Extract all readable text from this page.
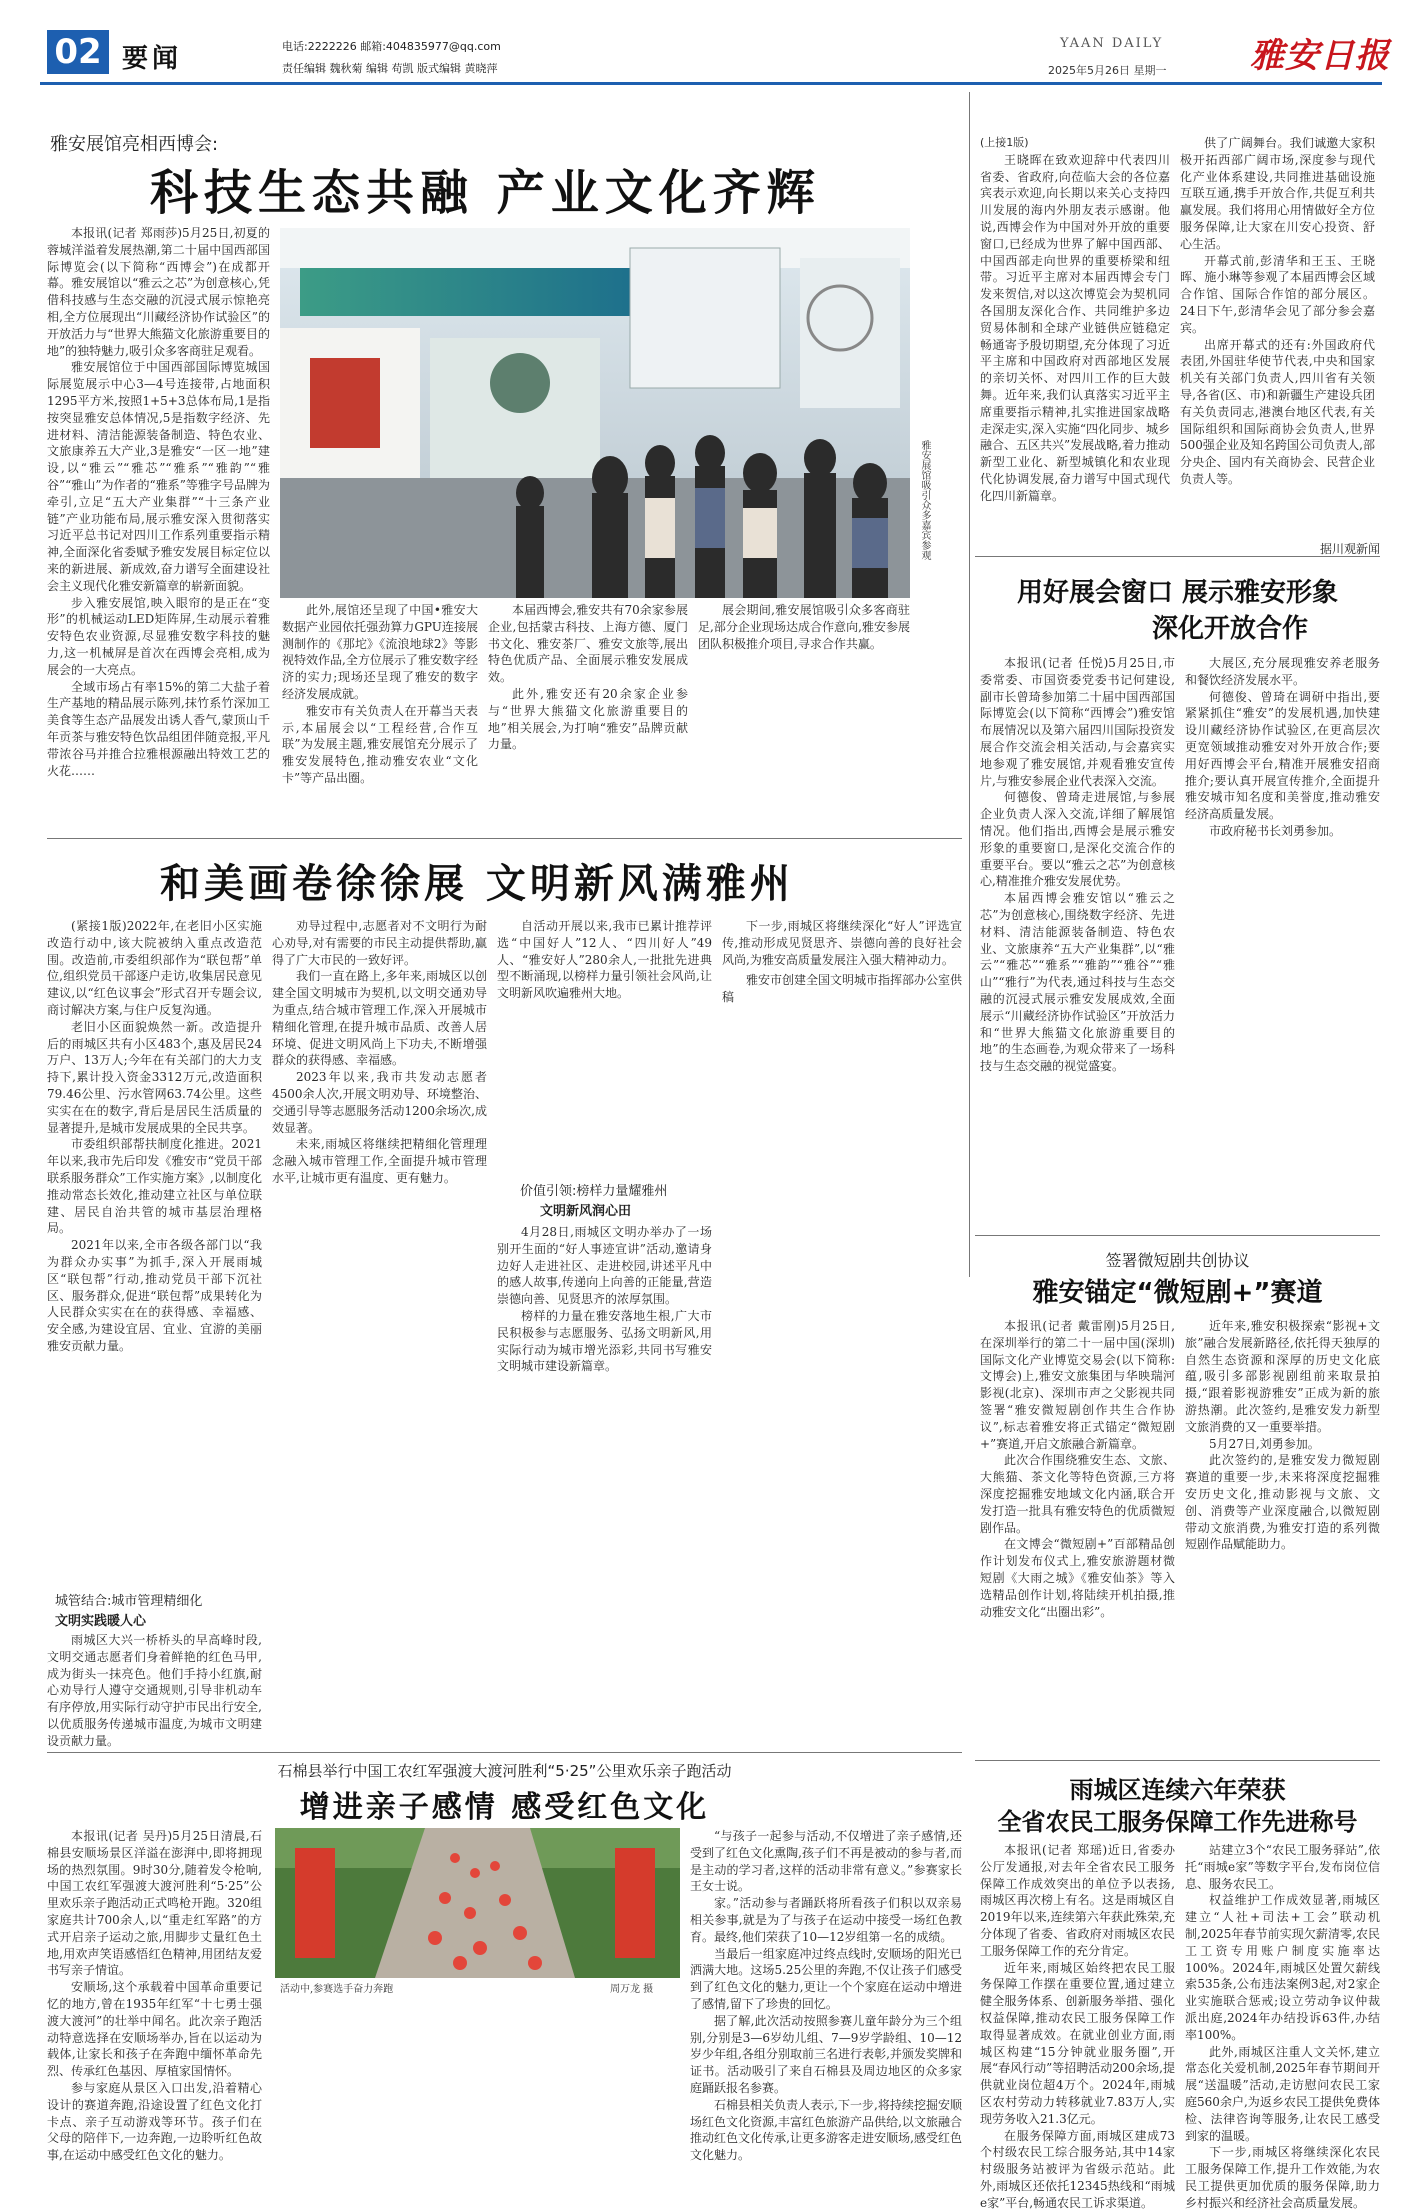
02 要闻	电话:2222226 邮箱:404835977@qq.com
责任编辑 魏秋菊 编辑 苟凯 版式编辑 黄晓萍
YAAN DAILY
2025年5月26日 星期一 雅安日报
雅安展馆亮相西博会:
科技生态共融 产业文化齐辉

本报讯(记者 郑雨莎)5月25日,初夏的蓉城洋溢着发展热潮,第二十届中国西部国际博览会(以下简称“西博会”)在成都开幕。雅安展馆以“雅云之芯”为创意核心,凭借科技感与生态交融的沉浸式展示惊艳亮相,全方位展现出“川藏经济协作试验区”的开放活力与“世界大熊猫文化旅游重要目的地”的独特魅力,吸引众多客商驻足观看。

雅安展馆位于中国西部国际博览城国际展览展示中心3—4号连接带,占地面积1295平方米,按照1+5+3总体布局,1是指按突显雅安总体情况,5是指数字经济、先进材料、清洁能源装备制造、特色农业、文旅康养五大产业,3是雅安“一区一地”建设,以“雅云”“雅芯”“雅系”“雅韵”“雅谷”“雅山”为作者的“雅系”等雅字号品牌为牵引,立足“五大产业集群”“十三条产业链”产业功能布局,展示雅安深入贯彻落实习近平总书记对四川工作系列重要指示精神,全面深化省委赋予雅安发展目标定位以来的新进展、新成效,奋力谱写全面建设社会主义现代化雅安新篇章的崭新面貌。

步入雅安展馆,映入眼帘的是正在“变形”的机械运动LED矩阵屏,生动展示着雅安特色农业资源,尽显雅安数字科技的魅力,这一机械屏是首次在西博会亮相,成为展会的一大亮点。

全域市场占有率15%的第二大盐子着生产基地的精品展示陈列,抹竹系竹深加工美食等生态产品展发出诱人香气,蒙顶山千年贡茶与雅安特色饮品组团伴随竞报,平凡带浓谷马并推合拉雅根源融出特效工艺的火花……

雅安展馆吸引众多嘉宾参观

此外,展馆还呈现了中国•雅安大数据产业园依托强劲算力GPU连接展测制作的《那坨》《流浪地球2》等影视特效作品,全方位展示了雅安数字经济的实力;现场还呈现了雅安的数字经济发展成就。

雅安市有关负责人在开幕当天表示,本届展会以“工程经营,合作互联”为发展主题,雅安展馆充分展示了雅安发展特色,推动雅安农业“文化卡”等产品出圈。

本届西博会,雅安共有70余家参展企业,包括蒙古科技、上海方德、厦门书文化、雅安茶厂、雅安文旅等,展出特色优质产品、全面展示雅安发展成效。

此外,雅安还有20余家企业参与“世界大熊猫文化旅游重要目的地”相关展会,为打响“雅安”品牌贡献力量。

展会期间,雅安展馆吸引众多客商驻足,部分企业现场达成合作意向,雅安参展团队积极推介项目,寻求合作共赢。

(上接1版)

王晓晖在致欢迎辞中代表四川省委、省政府,向莅临大会的各位嘉宾表示欢迎,向长期以来关心支持四川发展的海内外朋友表示感谢。他说,西博会作为中国对外开放的重要窗口,已经成为世界了解中国西部、中国西部走向世界的重要桥梁和纽带。习近平主席对本届西博会专门发来贺信,对以这次博览会为契机同各国朋友深化合作、共同维护多边贸易体制和全球产业链供应链稳定畅通寄予殷切期望,充分体现了习近平主席和中国政府对西部地区发展的亲切关怀、对四川工作的巨大鼓舞。近年来,我们认真落实习近平主席重要指示精神,扎实推进国家战略走深走实,深入实施“四化同步、城乡融合、五区共兴”发展战略,着力推动新型工业化、新型城镇化和农业现代化协调发展,奋力谱写中国式现代化四川新篇章。

供了广阔舞台。我们诚邀大家积极开拓西部广阔市场,深度参与现代化产业体系建设,共同推进基础设施互联互通,携手开放合作,共促互利共赢发展。我们将用心用情做好全方位服务保障,让大家在川安心投资、舒心生活。

开幕式前,彭清华和王玉、王晓晖、施小琳等参观了本届西博会区域合作馆、国际合作馆的部分展区。24日下午,彭清华会见了部分参会嘉宾。

出席开幕式的还有:外国政府代表团,外国驻华使节代表,中央和国家机关有关部门负责人,四川省有关领导,各省(区、市)和新疆生产建设兵团有关负责同志,港澳台地区代表,有关国际组织和国际商协会负责人,世界500强企业及知名跨国公司负责人,部分央企、国内有关商协会、民营企业负责人等。

据川观新闻
用好展会窗口 展示雅安形象
深化开放合作

本报讯(记者 任悦)5月25日,市委常委、市国资委党委书记何建设,副市长曾琦参加第二十届中国西部国际博览会(以下简称“西博会”)雅安馆布展情况以及第六届四川国际投资发展合作交流会相关活动,与会嘉宾实地参观了雅安展馆,并观看雅安宣传片,与雅安参展企业代表深入交流。

何德俊、曾琦走进展馆,与参展企业负责人深入交流,详细了解展馆情况。他们指出,西博会是展示雅安形象的重要窗口,是深化交流合作的重要平台。要以“雅云之芯”为创意核心,精准推介雅安发展优势。

本届西博会雅安馆以“雅云之芯”为创意核心,围绕数字经济、先进材料、清洁能源装备制造、特色农业、文旅康养“五大产业集群”,以“雅云”“雅芯”“雅系”“雅韵”“雅谷”“雅山”“雅行”为代表,通过科技与生态交融的沉浸式展示雅安发展成效,全面展示“川藏经济协作试验区”开放活力和“世界大熊猫文化旅游重要目的地”的生态画卷,为观众带来了一场科技与生态交融的视觉盛宴。

大展区,充分展现雅安养老服务和餐饮经济发展水平。

何德俊、曾琦在调研中指出,要紧紧抓住“雅安”的发展机遇,加快建设川藏经济协作试验区,在更高层次更宽领域推动雅安对外开放合作;要用好西博会平台,精准开展雅安招商推介;要认真开展宣传推介,全面提升雅安城市知名度和美誉度,推动雅安经济高质量发展。

市政府秘书长刘勇参加。

和美画卷徐徐展 文明新风满雅州

(紧接1版)2022年,在老旧小区实施改造行动中,该大院被纳入重点改造范围。改造前,市委组织部作为“联包帮”单位,组织党员干部逐户走访,收集居民意见建议,以“红色议事会”形式召开专题会议,商讨解决方案,与住户反复沟通。

老旧小区面貌焕然一新。改造提升后的雨城区共有小区483个,惠及居民24万户、13万人;今年在有关部门的大力支持下,累计投入资金3312万元,改造面积79.46公里、污水管网63.74公里。这些实实在在的数字,背后是居民生活质量的显著提升,是城市发展成果的全民共享。

市委组织部帮扶制度化推进。2021年以来,我市先后印发《雅安市“党员干部联系服务群众”工作实施方案》,以制度化推动常态长效化,推动建立社区与单位联建、居民自治共管的城市基层治理格局。

2021年以来,全市各级各部门以“我为群众办实事”为抓手,深入开展雨城区“联包帮”行动,推动党员干部下沉社区、服务群众,促进“联包帮”成果转化为人民群众实实在在的获得感、幸福感、安全感,为建设宜居、宜业、宜游的美丽雅安贡献力量。

城管结合:城市管理精细化
文明实践暖人心

雨城区大兴一桥桥头的早高峰时段,文明交通志愿者们身着鲜艳的红色马甲,成为街头一抹亮色。他们手持小红旗,耐心劝导行人遵守交通规则,引导非机动车有序停放,用实际行动守护市民出行安全,以优质服务传递城市温度,为城市文明建设贡献力量。

劝导过程中,志愿者对不文明行为耐心劝导,对有需要的市民主动提供帮助,赢得了广大市民的一致好评。

我们一直在路上,多年来,雨城区以创建全国文明城市为契机,以文明交通劝导为重点,结合城市管理工作,深入开展城市精细化管理,在提升城市品质、改善人居环境、促进文明风尚上下功夫,不断增强群众的获得感、幸福感。

2023年以来,我市共发动志愿者4500余人次,开展文明劝导、环境整治、交通引导等志愿服务活动1200余场次,成效显著。

未来,雨城区将继续把精细化管理理念融入城市管理工作,全面提升城市管理水平,让城市更有温度、更有魅力。

自活动开展以来,我市已累计推荐评选“中国好人”12人、“四川好人”49人、“雅安好人”280余人,一批批先进典型不断涌现,以榜样力量引领社会风尚,让文明新风吹遍雅州大地。

价值引领:榜样力量耀雅州
文明新风润心田

4月28日,雨城区文明办举办了一场别开生面的“好人事迹宣讲”活动,邀请身边好人走进社区、走进校园,讲述平凡中的感人故事,传递向上向善的正能量,营造崇德向善、见贤思齐的浓厚氛围。

榜样的力量在雅安落地生根,广大市民积极参与志愿服务、弘扬文明新风,用实际行动为城市增光添彩,共同书写雅安文明城市建设新篇章。

下一步,雨城区将继续深化“好人”评选宣传,推动形成见贤思齐、崇德向善的良好社会风尚,为雅安高质量发展注入强大精神动力。

雅安市创建全国文明城市指挥部办公室供稿

签署微短剧共创协议
雅安锚定“微短剧+”赛道

本报讯(记者 戴雷刚)5月25日,在深圳举行的第二十一届中国(深圳)国际文化产业博览交易会(以下简称:文博会)上,雅安文旅集团与华映瑞河影视(北京)、深圳市声之父影视共同签署“雅安微短剧创作共生合作协议”,标志着雅安将正式锚定“微短剧+”赛道,开启文旅融合新篇章。

此次合作围绕雅安生态、文旅、大熊猫、茶文化等特色资源,三方将深度挖掘雅安地域文化内涵,联合开发打造一批具有雅安特色的优质微短剧作品。

在文博会“微短剧+”百部精品创作计划发布仪式上,雅安旅游题材微短剧《大雨之城》《雅安仙茶》等入选精品创作计划,将陆续开机拍摄,推动雅安文化“出圈出彩”。

近年来,雅安积极探索“影视+文旅”融合发展新路径,依托得天独厚的自然生态资源和深厚的历史文化底蕴,吸引多部影视剧组前来取景拍摄,“跟着影视游雅安”正成为新的旅游热潮。此次签约,是雅安发力新型文旅消费的又一重要举措。

5月27日,刘勇参加。

此次签约的,是雅安发力微短剧赛道的重要一步,未来将深度挖掘雅安历史文化,推动影视与文旅、文创、消费等产业深度融合,以微短剧带动文旅消费,为雅安打造的系列微短剧作品赋能助力。

雨城区连续六年荣获
全省农民工服务保障工作先进称号

本报讯(记者 郑瑶)近日,省委办公厅发通报,对去年全省农民工服务保障工作成效突出的单位予以表扬,雨城区再次榜上有名。这是雨城区自2019年以来,连续第六年获此殊荣,充分体现了省委、省政府对雨城区农民工服务保障工作的充分肯定。

近年来,雨城区始终把农民工服务保障工作摆在重要位置,通过建立健全服务体系、创新服务举措、强化权益保障,推动农民工服务保障工作取得显著成效。在就业创业方面,雨城区构建“15分钟就业服务圈”,开展“春风行动”等招聘活动200余场,提供就业岗位超4万个。2024年,雨城区农村劳动力转移就业7.83万人,实现劳务收入21.3亿元。

在服务保障方面,雨城区建成73个村级农民工综合服务站,其中14家村级服务站被评为省级示范站。此外,雨城区还依托12345热线和“雨城e家”平台,畅通农民工诉求渠道。

站建立3个“农民工服务驿站”,依托“雨城e家”等数字平台,发布岗位信息、服务农民工。

权益维护工作成效显著,雨城区建立“人社+司法+工会”联动机制,2025年春节前实现欠薪清零,农民工工资专用账户制度实施率达100%。2024年,雨城区处置欠薪线索535条,公布违法案例3起,对2家企业实施联合惩戒;设立劳动争议仲裁派出庭,2024年办结投诉63件,办结率100%。

此外,雨城区注重人文关怀,建立常态化关爱机制,2025年春节期间开展“送温暖”活动,走访慰问农民工家庭560余户,为返乡农民工提供免费体检、法律咨询等服务,让农民工感受到家的温暖。

下一步,雨城区将继续深化农民工服务保障工作,提升工作效能,为农民工提供更加优质的服务保障,助力乡村振兴和经济社会高质量发展。

石棉县举行中国工农红军强渡大渡河胜利“5·25”公里欢乐亲子跑活动
增进亲子感情 感受红色文化

本报讯(记者 吴丹)5月25日清晨,石棉县安顺场景区洋溢在澎湃中,即将拥现场的热烈氛围。9时30分,随着发令枪响,中国工农红军强渡大渡河胜利“5·25”公里欢乐亲子跑活动正式鸣枪开跑。320组家庭共计700余人,以“重走红军路”的方式开启亲子运动之旅,用脚步丈量红色土地,用欢声笑语感悟红色精神,用团结友爱书写亲子情谊。

安顺场,这个承载着中国革命重要记忆的地方,曾在1935年红军“十七勇士强渡大渡河”的壮举中闻名。此次亲子跑活动特意选择在安顺场举办,旨在以运动为载体,让家长和孩子在奔跑中缅怀革命先烈、传承红色基因、厚植家国情怀。

参与家庭从景区入口出发,沿着精心设计的赛道奔跑,沿途设置了红色文化打卡点、亲子互动游戏等环节。孩子们在父母的陪伴下,一边奔跑,一边聆听红色故事,在运动中感受红色文化的魅力。

活动中,参赛选手奋力奔跑	周万龙 摄

“与孩子一起参与活动,不仅增进了亲子感情,还受到了红色文化熏陶,孩子们不再是被动的参与者,而是主动的学习者,这样的活动非常有意义。”参赛家长王女士说。

家。”活动参与者踊跃将所看孩子们积以双亲易相关参事,就是为了与孩子在运动中接受一场红色教育。最终,他们荣获了10—12岁组第一名的成绩。

当最后一组家庭冲过终点线时,安顺场的阳光已洒满大地。这场5.25公里的奔跑,不仅让孩子们感受到了红色文化的魅力,更让一个个家庭在运动中增进了感情,留下了珍贵的回忆。

据了解,此次活动按照参赛儿童年龄分为三个组别,分别是3—6岁幼儿组、7—9岁学龄组、10—12岁少年组,各组分别取前三名进行表彰,并颁发奖牌和证书。活动吸引了来自石棉县及周边地区的众多家庭踊跃报名参赛。

石棉县相关负责人表示,下一步,将持续挖掘安顺场红色文化资源,丰富红色旅游产品供给,以文旅融合推动红色文化传承,让更多游客走进安顺场,感受红色文化魅力。
